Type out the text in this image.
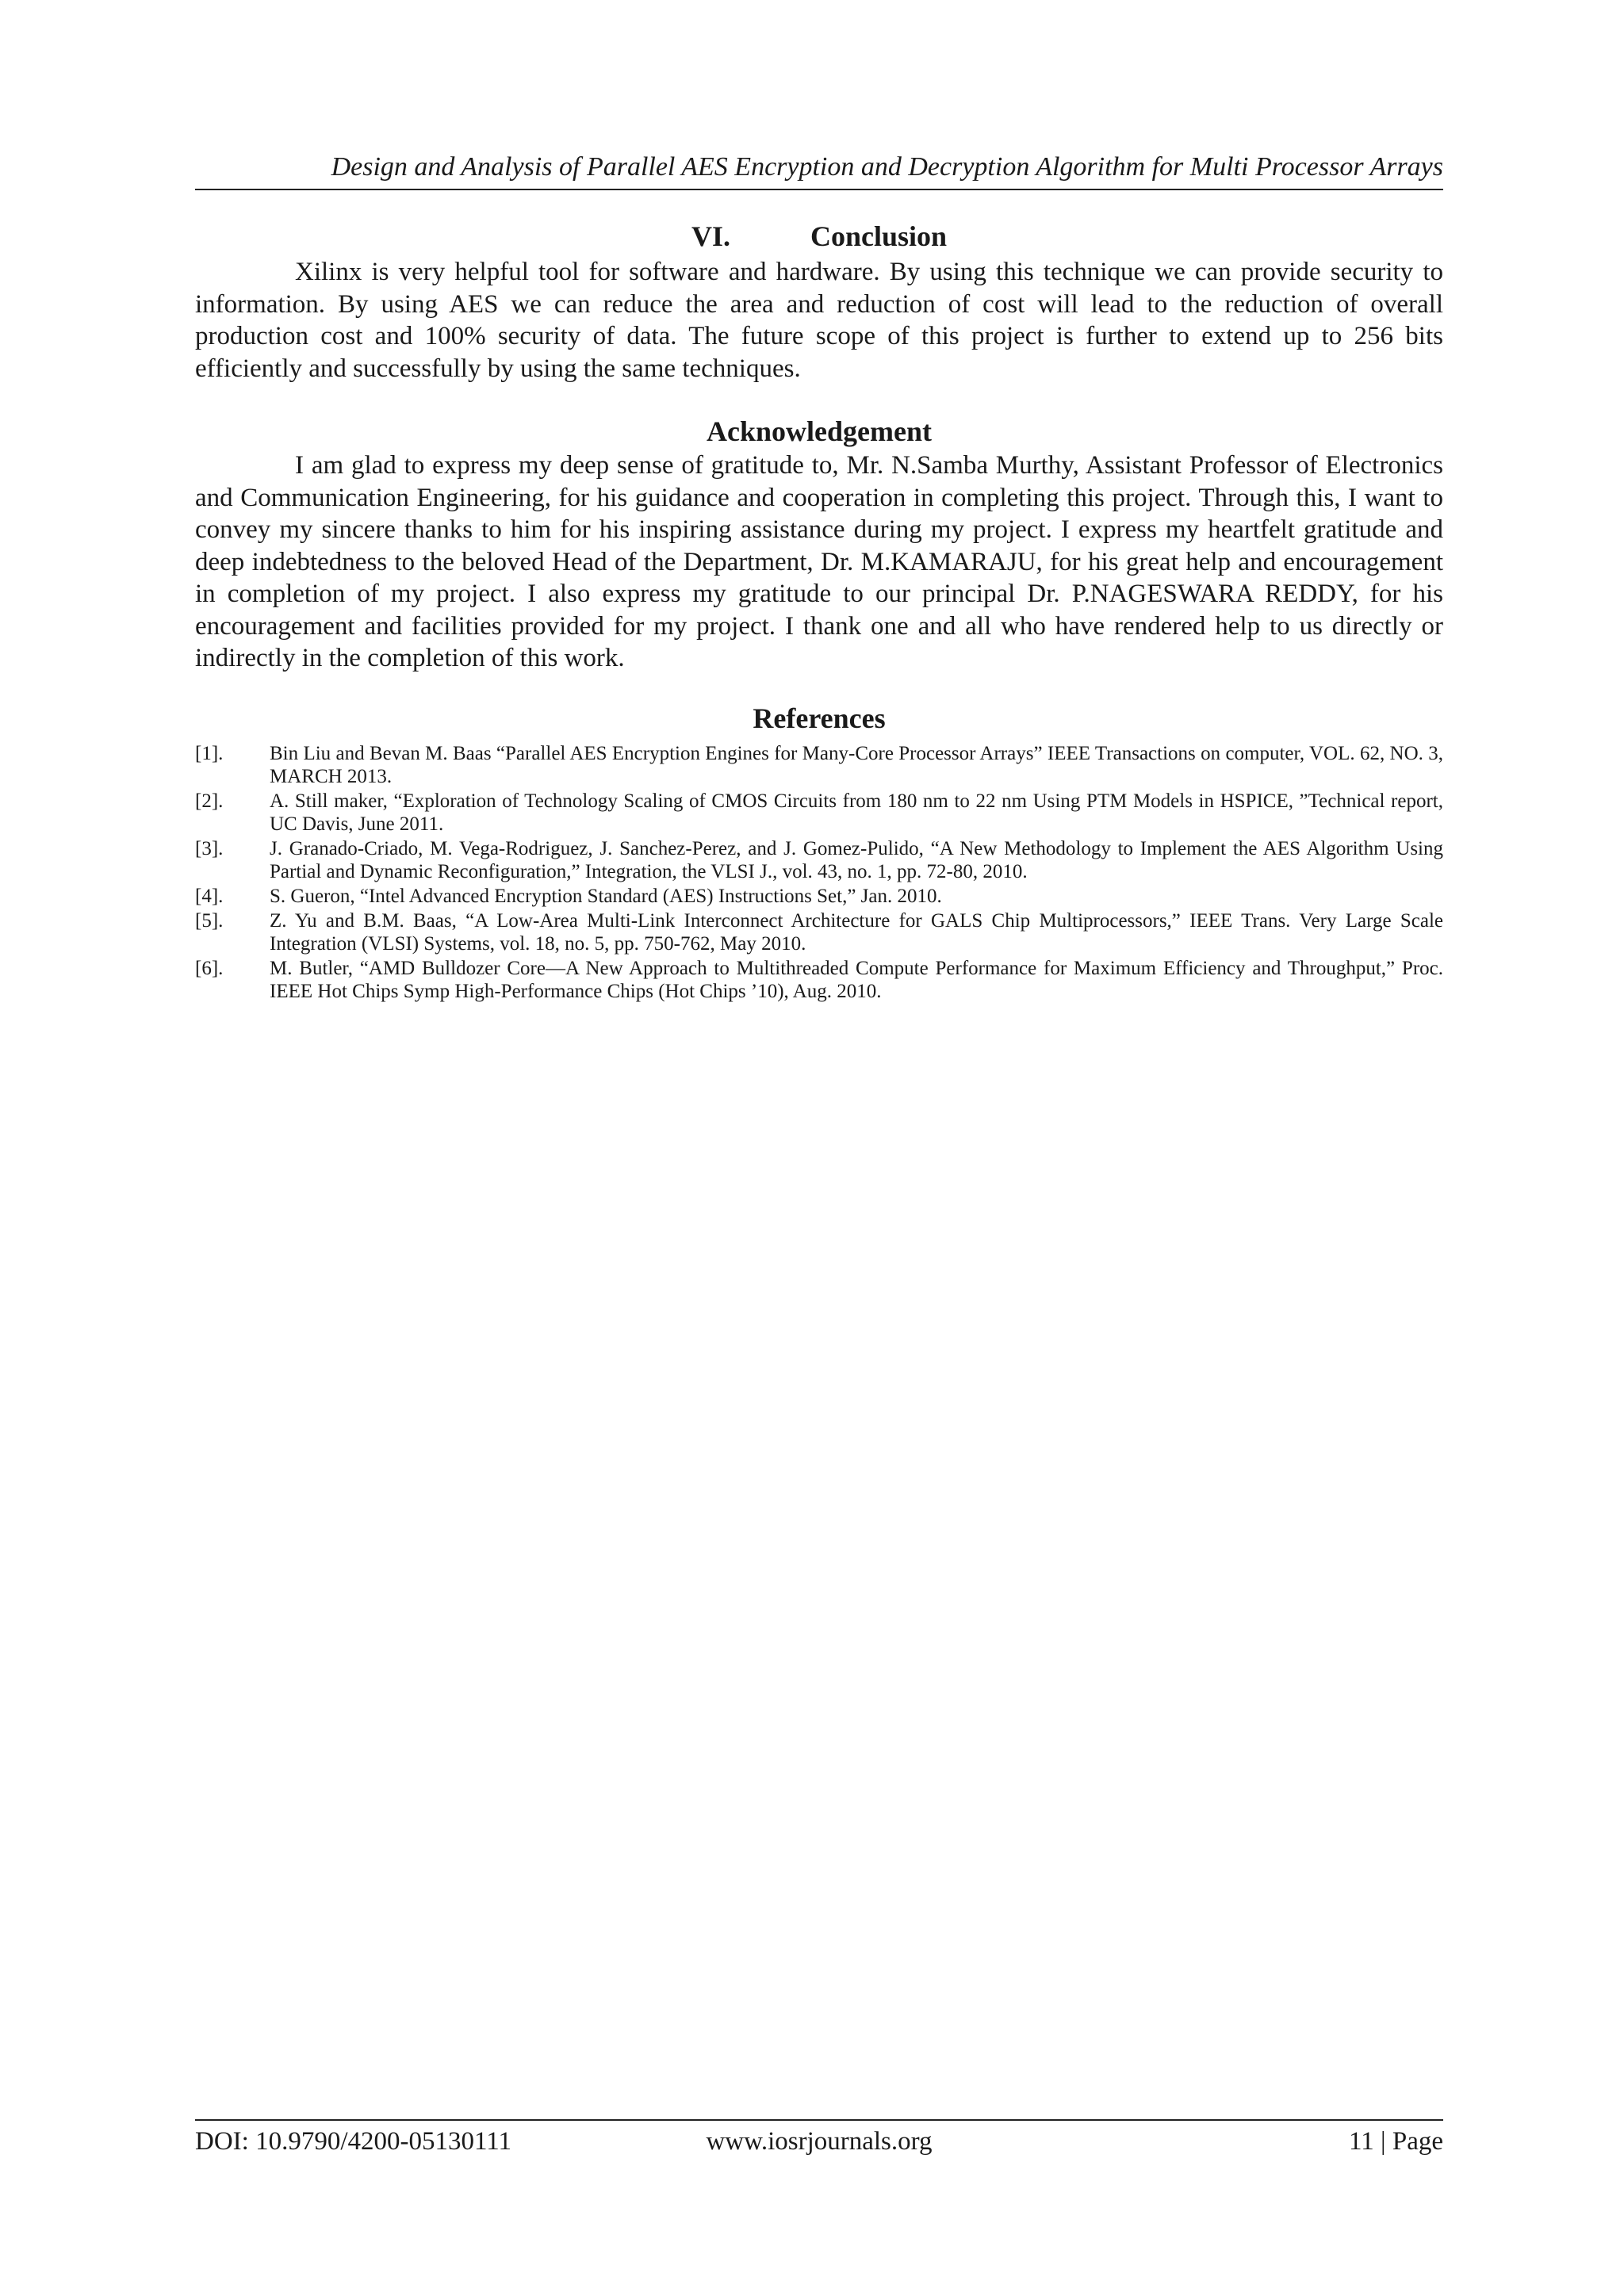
Design and Analysis of Parallel AES Encryption and Decryption Algorithm for Multi Processor Arrays
VI.	Conclusion

Xilinx is very helpful tool for software and hardware. By using this technique we can provide security to information. By using AES we can reduce the area and reduction of cost will lead to the reduction of overall production cost and 100% security of data. The future scope of this project is further to extend up to 256 bits efficiently and successfully by using the same techniques.

Acknowledgement

I am glad to express my deep sense of gratitude to, Mr. N.Samba Murthy, Assistant Professor of Electronics and Communication Engineering, for his guidance and cooperation in completing this project. Through this, I want to convey my sincere thanks to him for his inspiring assistance during my project. I express my heartfelt gratitude and deep indebtedness to the beloved Head of the Department, Dr. M.KAMARAJU, for his great help and encouragement in completion of my project. I also express my gratitude to our principal Dr. P.NAGESWARA REDDY, for his encouragement and facilities provided for my project. I thank one and all who have rendered help to us directly or indirectly in the completion of this work.

References
[1].	Bin Liu and Bevan M. Baas “Parallel AES Encryption Engines for Many-Core Processor Arrays” IEEE Transactions on computer, VOL. 62, NO. 3, MARCH 2013.
[2].	A. Still maker, “Exploration of Technology Scaling of CMOS Circuits from 180 nm to 22 nm Using PTM Models in HSPICE, ”Technical report, UC Davis, June 2011.
[3].	J. Granado-Criado, M. Vega-Rodriguez, J. Sanchez-Perez, and J. Gomez-Pulido, “A New Methodology to Implement the AES Algorithm Using Partial and Dynamic Reconfiguration,” Integration, the VLSI J., vol. 43, no. 1, pp. 72-80, 2010.
[4].	S. Gueron, “Intel Advanced Encryption Standard (AES) Instructions Set,” Jan. 2010.
[5].	Z. Yu and B.M. Baas, “A Low-Area Multi-Link Interconnect Architecture for GALS Chip Multiprocessors,” IEEE Trans. Very Large Scale Integration (VLSI) Systems, vol. 18, no. 5, pp. 750-762, May 2010.
[6].	M. Butler, “AMD Bulldozer Core—A New Approach to Multithreaded Compute Performance for Maximum Efficiency and Throughput,” Proc. IEEE Hot Chips Symp High-Performance Chips (Hot Chips ’10), Aug. 2010.
DOI: 10.9790/4200-05130111	www.iosrjournals.org	11 | Page
